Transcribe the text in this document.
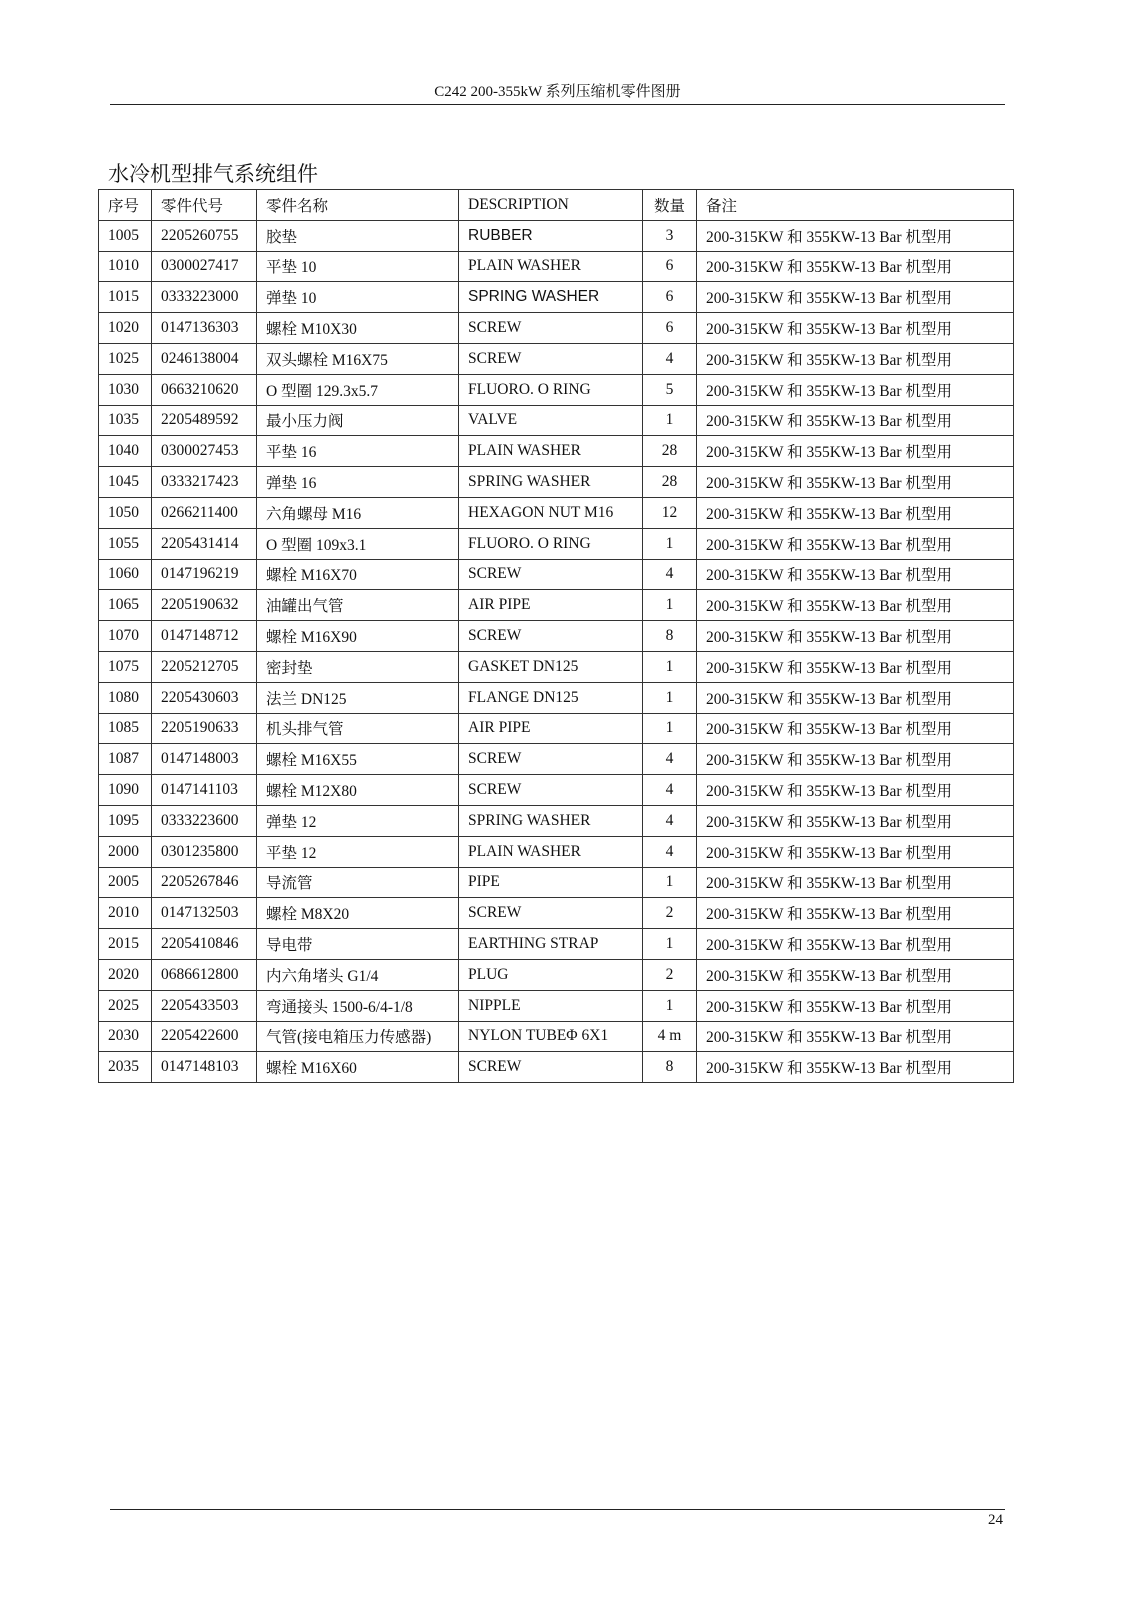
C242 200-355kW 系列压缩机零件图册
水冷机型排气系统组件
序号	零件代号	零件名称	DESCRIPTION	数量	备注
1005	2205260755	胶垫	RUBBER	3	200-315KW 和 355KW-13 Bar 机型用
1010	0300027417	平垫 10	PLAIN WASHER	6	200-315KW 和 355KW-13 Bar 机型用
1015	0333223000	弹垫 10	SPRING WASHER	6	200-315KW 和 355KW-13 Bar 机型用
1020	0147136303	螺栓 M10X30	SCREW	6	200-315KW 和 355KW-13 Bar 机型用
1025	0246138004	双头螺栓 M16X75	SCREW	4	200-315KW 和 355KW-13 Bar 机型用
1030	0663210620	O 型圈 129.3x5.7	FLUORO. O RING	5	200-315KW 和 355KW-13 Bar 机型用
1035	2205489592	最小压力阀	VALVE	1	200-315KW 和 355KW-13 Bar 机型用
1040	0300027453	平垫 16	PLAIN WASHER	28	200-315KW 和 355KW-13 Bar 机型用
1045	0333217423	弹垫 16	SPRING WASHER	28	200-315KW 和 355KW-13 Bar 机型用
1050	0266211400	六角螺母 M16	HEXAGON NUT M16	12	200-315KW 和 355KW-13 Bar 机型用
1055	2205431414	O 型圈 109x3.1	FLUORO. O RING	1	200-315KW 和 355KW-13 Bar 机型用
1060	0147196219	螺栓 M16X70	SCREW	4	200-315KW 和 355KW-13 Bar 机型用
1065	2205190632	油罐出气管	AIR PIPE	1	200-315KW 和 355KW-13 Bar 机型用
1070	0147148712	螺栓 M16X90	SCREW	8	200-315KW 和 355KW-13 Bar 机型用
1075	2205212705	密封垫	GASKET DN125	1	200-315KW 和 355KW-13 Bar 机型用
1080	2205430603	法兰 DN125	FLANGE DN125	1	200-315KW 和 355KW-13 Bar 机型用
1085	2205190633	机头排气管	AIR PIPE	1	200-315KW 和 355KW-13 Bar 机型用
1087	0147148003	螺栓 M16X55	SCREW	4	200-315KW 和 355KW-13 Bar 机型用
1090	0147141103	螺栓 M12X80	SCREW	4	200-315KW 和 355KW-13 Bar 机型用
1095	0333223600	弹垫 12	SPRING WASHER	4	200-315KW 和 355KW-13 Bar 机型用
2000	0301235800	平垫 12	PLAIN WASHER	4	200-315KW 和 355KW-13 Bar 机型用
2005	2205267846	导流管	PIPE	1	200-315KW 和 355KW-13 Bar 机型用
2010	0147132503	螺栓 M8X20	SCREW	2	200-315KW 和 355KW-13 Bar 机型用
2015	2205410846	导电带	EARTHING STRAP	1	200-315KW 和 355KW-13 Bar 机型用
2020	0686612800	内六角堵头 G1/4	PLUG	2	200-315KW 和 355KW-13 Bar 机型用
2025	2205433503	弯通接头 1500-6/4-1/8	NIPPLE	1	200-315KW 和 355KW-13 Bar 机型用
2030	2205422600	气管(接电箱压力传感器)	NYLON TUBEΦ 6X1	4 m	200-315KW 和 355KW-13 Bar 机型用
2035	0147148103	螺栓 M16X60	SCREW	8	200-315KW 和 355KW-13 Bar 机型用
24
